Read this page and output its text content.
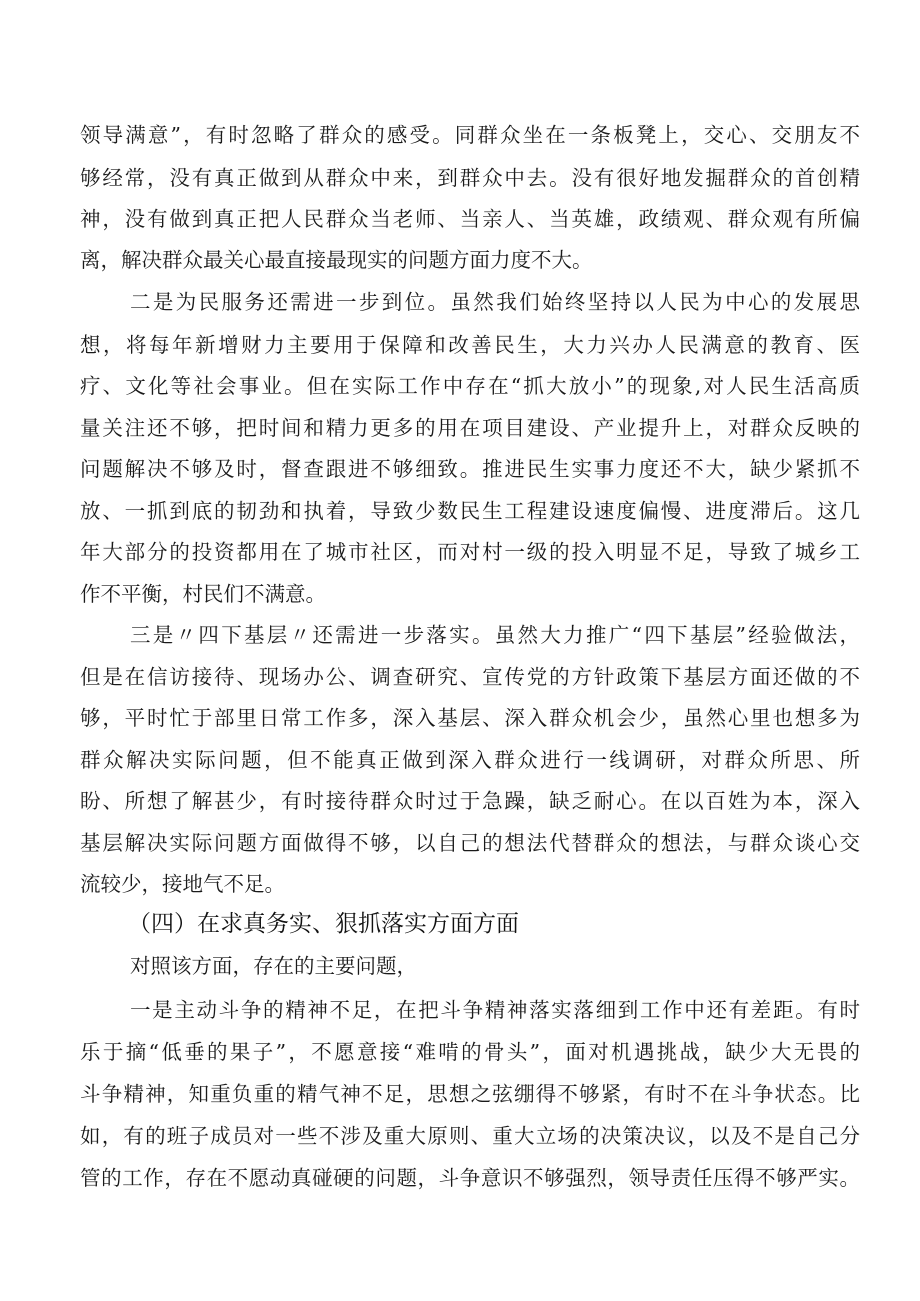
领导满意”，有时忽略了群众的感受。同群众坐在一条板凳上，交心、交朋友不
够经常，没有真正做到从群众中来，到群众中去。没有很好地发掘群众的首创精
神，没有做到真正把人民群众当老师、当亲人、当英雄，政绩观、群众观有所偏
离，解决群众最关心最直接最现实的问题方面力度不大。
二是为民服务还需进一步到位。虽然我们始终坚持以人民为中心的发展思
想，将每年新增财力主要用于保障和改善民生，大力兴办人民满意的教育、医
疗、文化等社会事业。但在实际工作中存在“抓大放小”的现象,对人民生活高质
量关注还不够，把时间和精力更多的用在项目建设、产业提升上，对群众反映的
问题解决不够及时，督查跟进不够细致。推进民生实事力度还不大，缺少紧抓不
放、一抓到底的韧劲和执着，导致少数民生工程建设速度偏慢、进度滞后。这几
年大部分的投资都用在了城市社区，而对村一级的投入明显不足，导致了城乡工
作不平衡，村民们不满意。
三是〃四下基层〃还需进一步落实。虽然大力推广“四下基层”经验做法，
但是在信访接待、现场办公、调查研究、宣传党的方针政策下基层方面还做的不
够，平时忙于部里日常工作多，深入基层、深入群众机会少，虽然心里也想多为
群众解决实际问题，但不能真正做到深入群众进行一线调研，对群众所思、所
盼、所想了解甚少，有时接待群众时过于急躁，缺乏耐心。在以百姓为本，深入
基层解决实际问题方面做得不够，以自己的想法代替群众的想法，与群众谈心交
流较少，接地气不足。
（四）在求真务实、狠抓落实方面方面
对照该方面，存在的主要问题，
一是主动斗争的精神不足，在把斗争精神落实落细到工作中还有差距。有时
乐于摘“低垂的果子”，不愿意接“难啃的骨头”，面对机遇挑战，缺少大无畏的
斗争精神，知重负重的精气神不足，思想之弦绷得不够紧，有时不在斗争状态。比
如，有的班子成员对一些不涉及重大原则、重大立场的决策决议，以及不是自己分
管的工作，存在不愿动真碰硬的问题，斗争意识不够强烈，领导责任压得不够严实。
